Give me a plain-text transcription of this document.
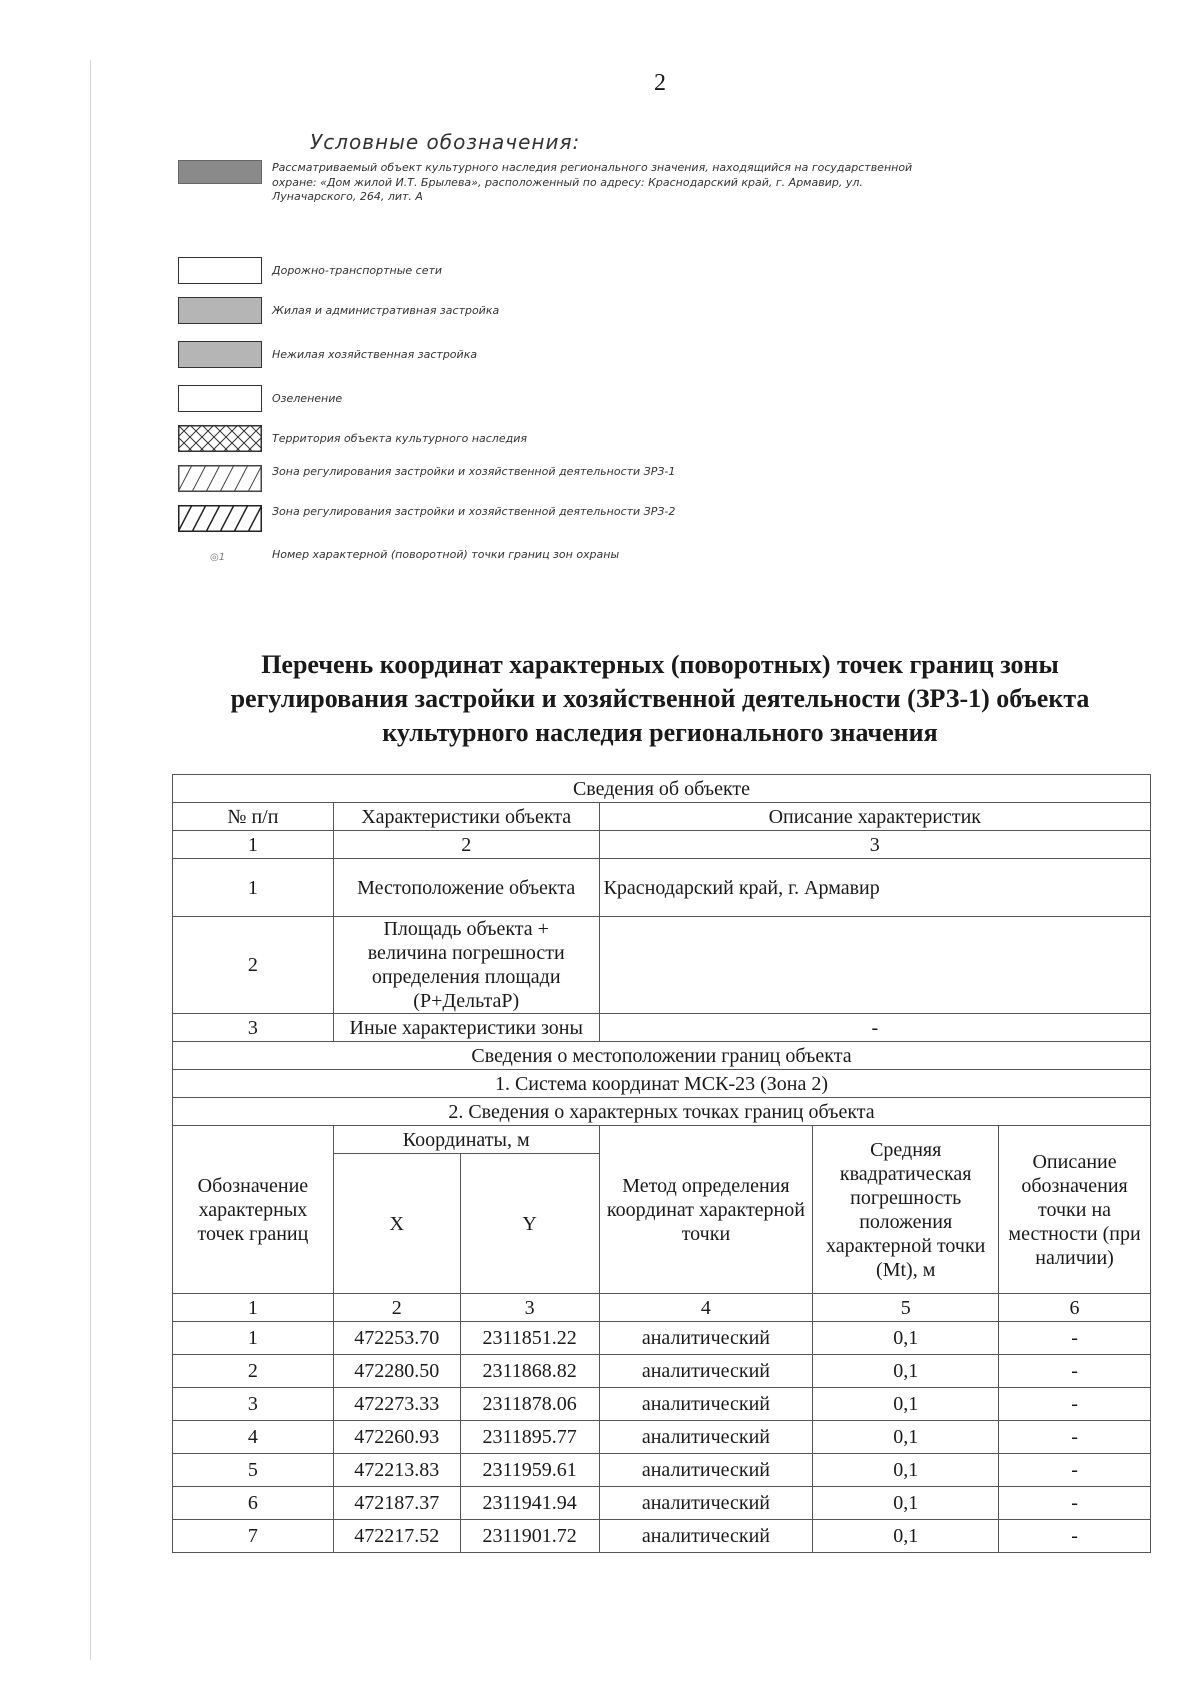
2
Условные обозначения:
Рассматриваемый объект культурного наследия регионального значения, находящийся на государственной охране: «Дом жилой И.Т. Брылева», расположенный по адресу: Краснодарский край, г. Армавир, ул. Луначарского, 264, лит. А
Дорожно-транспортные сети
Жилая и административная застройка
Нежилая хозяйственная застройка
Озеленение
Территория объекта культурного наследия
Зона регулирования застройки и хозяйственной деятельности ЗРЗ-1
Зона регулирования застройки и хозяйственной деятельности ЗРЗ-2
◎1	Номер характерной (поворотной) точки границ зон охраны
Перечень координат характерных (поворотных) точек границ зоны
регулирования застройки и хозяйственной деятельности (ЗРЗ-1) объекта
культурного наследия регионального значения
Сведения об объекте					
№ п/п	Характеристики объекта		Описание характеристик		
1	2		3		
1	Местоположение объекта		Краснодарский край, г. Армавир		
2	Площадь объекта + величина погрешности определения площади (P+ДельтаP)				
3	Иные характеристики зоны		-		
Сведения о местоположении границ объекта					
1. Система координат МСК-23 (Зона 2)					
2. Сведения о характерных точках границ объекта					
Обозначение характерных точек границ	Координаты, м		Метод определения координат характерной точки	Средняя квадратическая погрешность положения характерной точки (Mt), м	Описание обозначения точки на местности (при наличии)
	X	Y			
1	2	3	4	5	6
1	472253.70	2311851.22	аналитический	0,1	-
2	472280.50	2311868.82	аналитический	0,1	-
3	472273.33	2311878.06	аналитический	0,1	-
4	472260.93	2311895.77	аналитический	0,1	-
5	472213.83	2311959.61	аналитический	0,1	-
6	472187.37	2311941.94	аналитический	0,1	-
7	472217.52	2311901.72	аналитический	0,1	-
